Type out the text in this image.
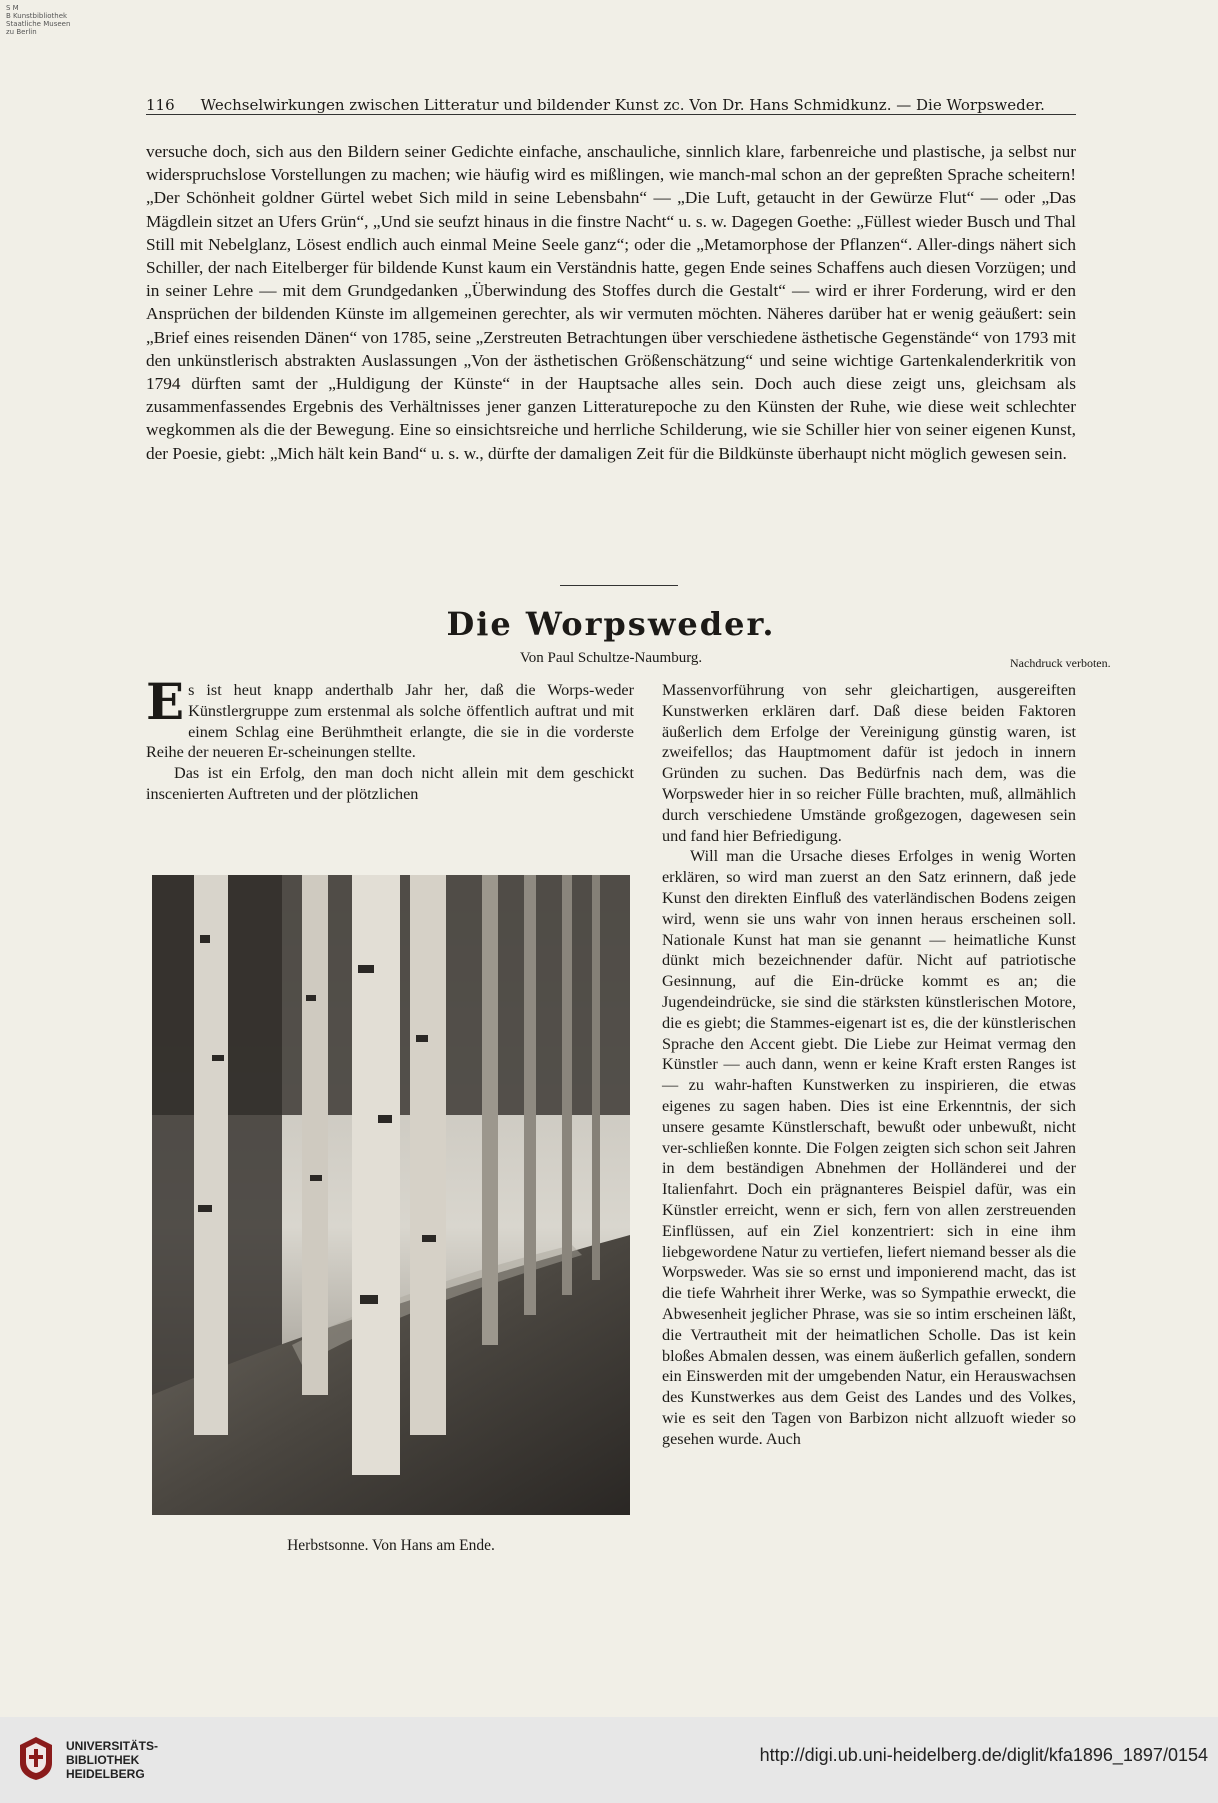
S M
B Kunstbibliothek
Staatliche Museen
zu Berlin
116 Wechselwirkungen zwischen Litteratur und bildender Kunst zc. Von Dr. Hans Schmidkunz. — Die Worpsweder.

versuche doch, sich aus den Bildern seiner Gedichte einfache, anschauliche, sinnlich klare, farbenreiche und plastische, ja selbst nur widerspruchslose Vorstellungen zu machen; wie häufig wird es mißlingen, wie manch-mal schon an der gepreßten Sprache scheitern! „Der Schönheit goldner Gürtel webet Sich mild in seine Lebensbahn“ — „Die Luft, getaucht in der Gewürze Flut“ — oder „Das Mägdlein sitzet an Ufers Grün“, „Und sie seufzt hinaus in die finstre Nacht“ u. s. w. Dagegen Goethe: „Füllest wieder Busch und Thal Still mit Nebelglanz, Lösest endlich auch einmal Meine Seele ganz“; oder die „Metamorphose der Pflanzen“. Aller-dings nähert sich Schiller, der nach Eitelberger für bildende Kunst kaum ein Verständnis hatte, gegen Ende seines Schaffens auch diesen Vorzügen; und in seiner Lehre — mit dem Grundgedanken „Überwindung des Stoffes durch die Gestalt“ — wird er ihrer Forderung, wird er den Ansprüchen der bildenden Künste im allgemeinen gerechter, als wir vermuten möchten. Näheres darüber hat er wenig geäußert: sein „Brief eines reisenden Dänen“ von 1785, seine „Zerstreuten Betrachtungen über verschiedene ästhetische Gegenstände“ von 1793 mit den unkünstlerisch abstrakten Auslassungen „Von der ästhetischen Größenschätzung“ und seine wichtige Gartenkalenderkritik von 1794 dürften samt der „Huldigung der Künste“ in der Hauptsache alles sein. Doch auch diese zeigt uns, gleichsam als zusammenfassendes Ergebnis des Verhältnisses jener ganzen Litteraturepoche zu den Künsten der Ruhe, wie diese weit schlechter wegkommen als die der Bewegung. Eine so einsichtsreiche und herrliche Schilderung, wie sie Schiller hier von seiner eigenen Kunst, der Poesie, giebt: „Mich hält kein Band“ u. s. w., dürfte der damaligen Zeit für die Bildkünste überhaupt nicht möglich gewesen sein.

Die Worpsweder.
Von Paul Schultze-Naumburg.	Nachdruck verboten.

Es ist heut knapp anderthalb Jahr her, daß die Worps-weder Künstlergruppe zum erstenmal als solche öffentlich auftrat und mit einem Schlag eine Berühmtheit erlangte, die sie in die vorderste Reihe der neueren Er-scheinungen stellte.

Das ist ein Erfolg, den man doch nicht allein mit dem geschickt inscenierten Auftreten und der plötzlichen

Herbstsonne. Von Hans am Ende.

Massenvorführung von sehr gleichartigen, ausgereiften Kunstwerken erklären darf. Daß diese beiden Faktoren äußerlich dem Erfolge der Vereinigung günstig waren, ist zweifellos; das Hauptmoment dafür ist jedoch in innern Gründen zu suchen. Das Bedürfnis nach dem, was die Worpsweder hier in so reicher Fülle brachten, muß, allmählich durch verschiedene Umstände großgezogen, dagewesen sein und fand hier Befriedigung.

Will man die Ursache dieses Erfolges in wenig Worten erklären, so wird man zuerst an den Satz erinnern, daß jede Kunst den direkten Einfluß des vaterländischen Bodens zeigen wird, wenn sie uns wahr von innen heraus erscheinen soll. Nationale Kunst hat man sie genannt — heimatliche Kunst dünkt mich bezeichnender dafür. Nicht auf patriotische Gesinnung, auf die Ein-drücke kommt es an; die Jugendeindrücke, sie sind die stärksten künstlerischen Motore, die es giebt; die Stammes-eigenart ist es, die der künstlerischen Sprache den Accent giebt. Die Liebe zur Heimat vermag den Künstler — auch dann, wenn er keine Kraft ersten Ranges ist — zu wahr-haften Kunstwerken zu inspirieren, die etwas eigenes zu sagen haben. Dies ist eine Erkenntnis, der sich unsere gesamte Künstlerschaft, bewußt oder unbewußt, nicht ver-schließen konnte. Die Folgen zeigten sich schon seit Jahren in dem beständigen Abnehmen der Holländerei und der Italienfahrt. Doch ein prägnanteres Beispiel dafür, was ein Künstler erreicht, wenn er sich, fern von allen zerstreuenden Einflüssen, auf ein Ziel konzentriert: sich in eine ihm liebgewordene Natur zu vertiefen, liefert niemand besser als die Worpsweder. Was sie so ernst und imponierend macht, das ist die tiefe Wahrheit ihrer Werke, was so Sympathie erweckt, die Abwesenheit jeglicher Phrase, was sie so intim erscheinen läßt, die Vertrautheit mit der heimatlichen Scholle. Das ist kein bloßes Abmalen dessen, was einem äußerlich gefallen, sondern ein Einswerden mit der umgebenden Natur, ein Herauswachsen des Kunstwerkes aus dem Geist des Landes und des Volkes, wie es seit den Tagen von Barbizon nicht allzuoft wieder so gesehen wurde. Auch

UNIVERSITÄTS-
BIBLIOTHEK
HEIDELBERG
http://digi.ub.uni-heidelberg.de/diglit/kfa1896_1897/0154
